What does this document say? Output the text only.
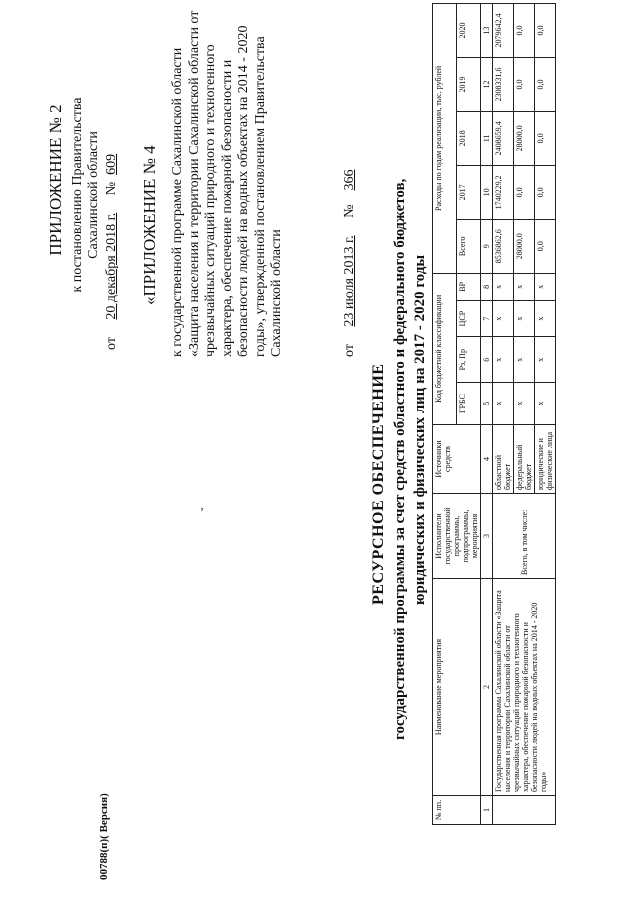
ПРИЛОЖЕНИЕ № 2 к постановлению Правительства Сахалинской области
от     20 декабря 2018 г.     №  609 «ПРИЛОЖЕНИЕ № 4 к государственной программе Сахалинской области «Защита населения и территории Сахалинской области от чрезвычайных ситуаций природного и техногенного характера, обеспечение пожарной безопасности и безопасности людей на водных объектах на 2014 - 2020 годы», утвержденной постановлением Правительства Сахалинской области	от     23 июля 2013 г.     №    366
РЕСУРСНОЕ ОБЕСПЕЧЕНИЕ государственной программы за счет средств областного и федерального бюджетов, юридических и физических лиц на 2017 - 2020 годы
№ пп.	Наименование мероприятия	Исполнители государственной программы, подпрограммы, мероприятия	Источники средств	Код бюджетной классификации				Расходы по годам реализации, тыс. рублей				
				ГРБС	Рз, Пр	ЦСР	ВР	Всего	2017	2018	2019	2020
1	2	3	4	5	6	7	8	9	10	11	12	13
	Государственная программа Сахалинской области «Защита населения и территории Сахалинской области от чрезвычайных ситуаций природного и техногенного характера, обеспечение пожарной безопасности и безопасности людей на водных объектах на 2014 - 2020 годы»	Всего, в том числе:	областной бюджет	x	x	x	x	8536862,6	1740229,2	2408659,4	2308331,6	2079642,4
			федеральный бюджет	x	x	x	x	28000,0	0,0	28000,0	0,0	0,0
			юридические и физические лица	x	x	x	x	0,0	0,0	0,0	0,0	0,0
00788(п)( Версия)
ʼ
